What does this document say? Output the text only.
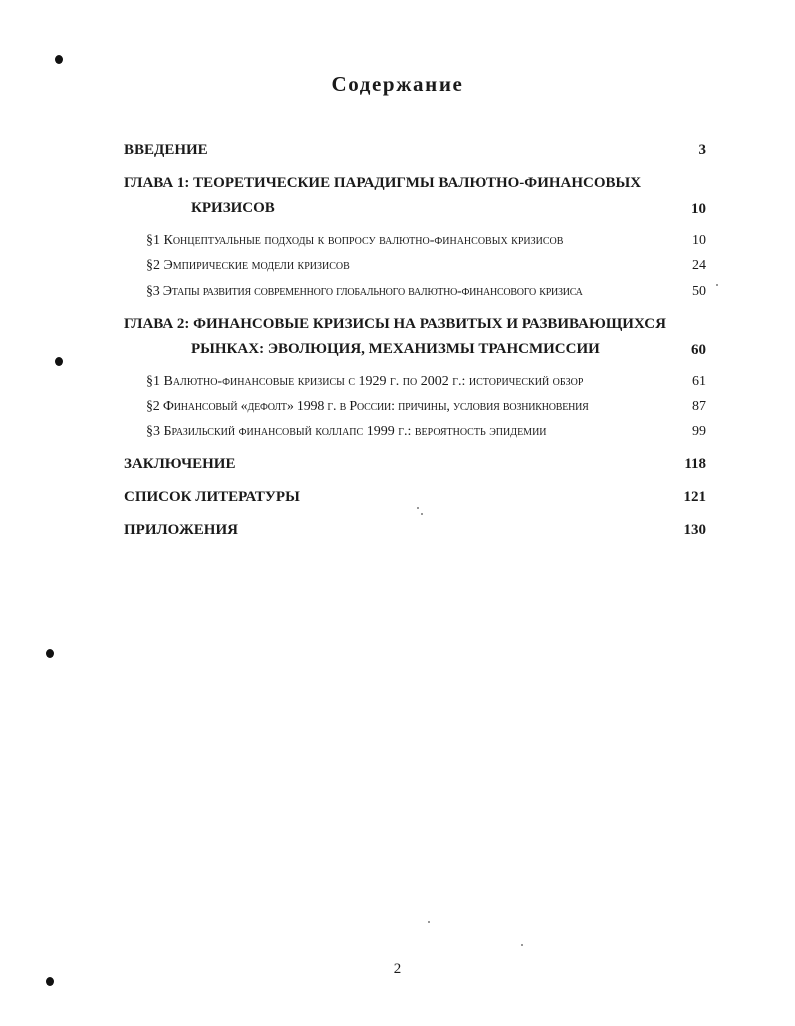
Содержание
ВВЕДЕНИЕ	3
ГЛАВА 1: ТЕОРЕТИЧЕСКИЕ ПАРАДИГМЫ ВАЛЮТНО-ФИНАНСОВЫХ
КРИЗИСОВ	10
§1 Концептуальные подходы к вопросу валютно-финансовых кризисов	10
§2 Эмпирические модели кризисов	24
§3 Этапы развития современного глобального валютно-финансового кризиса	50
ГЛАВА 2: ФИНАНСОВЫЕ КРИЗИСЫ НА РАЗВИТЫХ И РАЗВИВАЮЩИХСЯ
РЫНКАХ: ЭВОЛЮЦИЯ, МЕХАНИЗМЫ ТРАНСМИССИИ	60
§1 Валютно-финансовые кризисы с 1929 г. по 2002 г.: исторический обзор	61
§2 Финансовый «дефолт» 1998 г. в России: причины, условия возникновения	87
§3 Бразильский финансовый коллапс 1999 г.: вероятность эпидемии	99
ЗАКЛЮЧЕНИЕ	118
СПИСОК ЛИТЕРАТУРЫ	121
ПРИЛОЖЕНИЯ	130
2
